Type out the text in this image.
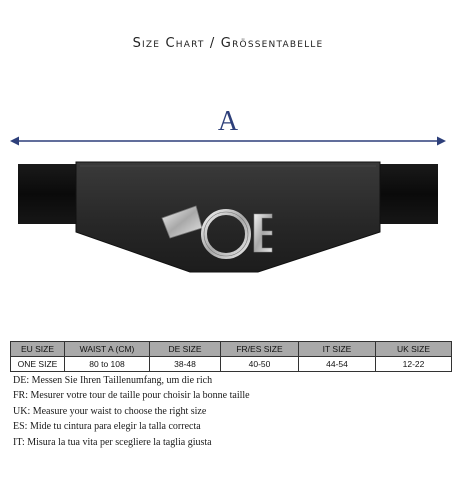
Size Chart / Grössentabelle
A
EU SIZE	WAIST A (CM)	DE SIZE	FR/ES SIZE	IT SIZE	UK SIZE
ONE SIZE	80 to 108	38-48	40-50	44-54	12-22
DE: Messen Sie Ihren Taillenumfang, um die rich
FR: Mesurer votre tour de taille pour choisir la bonne taille
UK: Measure your waist to choose the right size
ES: Mide tu cintura para elegir la talla correcta
IT: Misura la tua vita per scegliere la taglia giusta
